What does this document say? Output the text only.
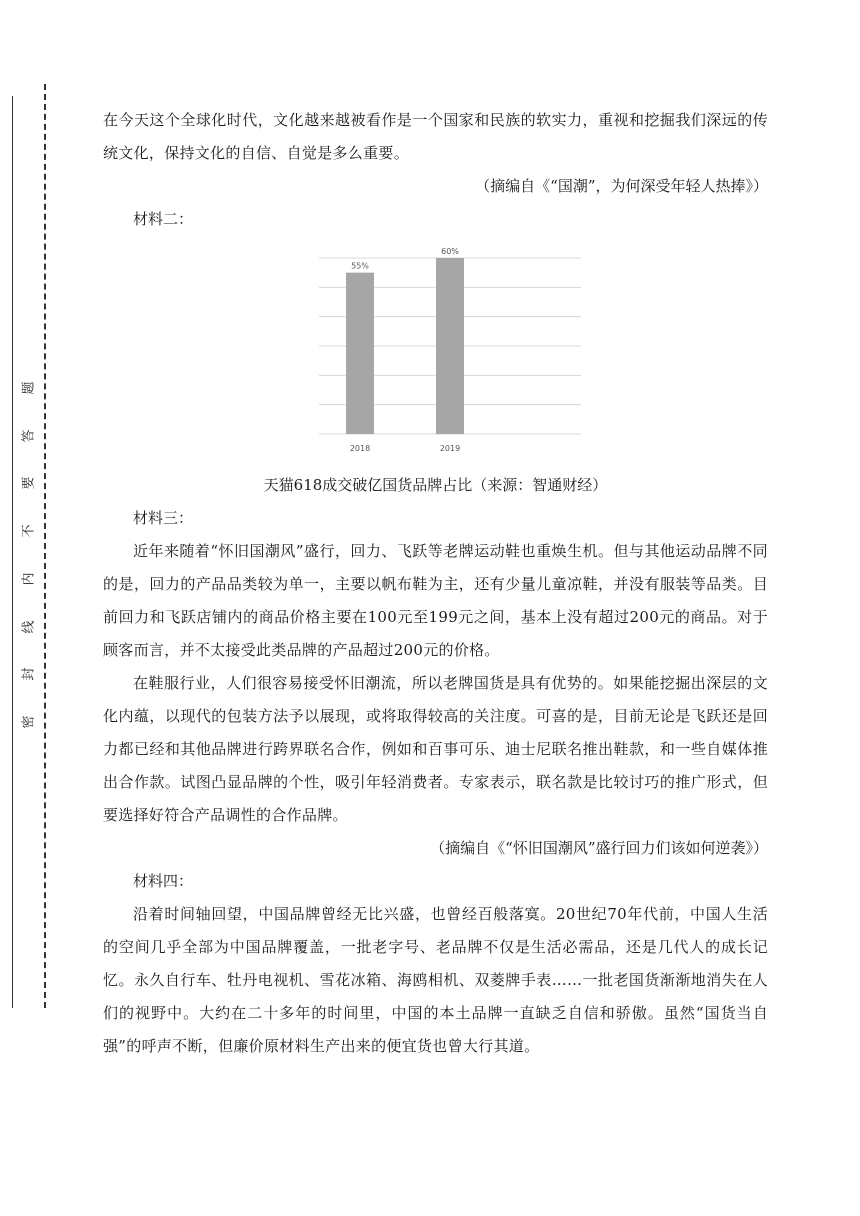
密
封
线
内
不
要
答
题

在今天这个全球化时代，文化越来越被看作是一个国家和民族的软实力，重视和挖掘我们深远的传统文化，保持文化的自信、自觉是多么重要。

（摘编自《“国潮”，为何深受年轻人热捧》）

材料二：

55%
2018
60%
2019

天猫618成交破亿国货品牌占比（来源：智通财经）

材料三：

近年来随着“怀旧国潮风”盛行，回力、飞跃等老牌运动鞋也重焕生机。但与其他运动品牌不同的是，回力的产品品类较为单一，主要以帆布鞋为主，还有少量儿童凉鞋，并没有服装等品类。目前回力和飞跃店铺内的商品价格主要在100元至199元之间，基本上没有超过200元的商品。对于顾客而言，并不太接受此类品牌的产品超过200元的价格。

在鞋服行业，人们很容易接受怀旧潮流，所以老牌国货是具有优势的。如果能挖掘出深层的文化内蕴，以现代的包装方法予以展现，或将取得较高的关注度。可喜的是，目前无论是飞跃还是回力都已经和其他品牌进行跨界联名合作，例如和百事可乐、迪士尼联名推出鞋款，和一些自媒体推出合作款。试图凸显品牌的个性，吸引年轻消费者。专家表示，联名款是比较讨巧的推广形式，但要选择好符合产品调性的合作品牌。

（摘编自《“怀旧国潮风”盛行回力们该如何逆袭》）

材料四：

沿着时间轴回望，中国品牌曾经无比兴盛，也曾经百般落寞。20世纪70年代前，中国人生活的空间几乎全部为中国品牌覆盖，一批老字号、老品牌不仅是生活必需品，还是几代人的成长记忆。永久自行车、牡丹电视机、雪花冰箱、海鸥相机、双菱牌手表……一批老国货渐渐地消失在人们的视野中。大约在二十多年的时间里，中国的本土品牌一直缺乏自信和骄傲。虽然“国货当自强”的呼声不断，但廉价原材料生产出来的便宜货也曾大行其道。
